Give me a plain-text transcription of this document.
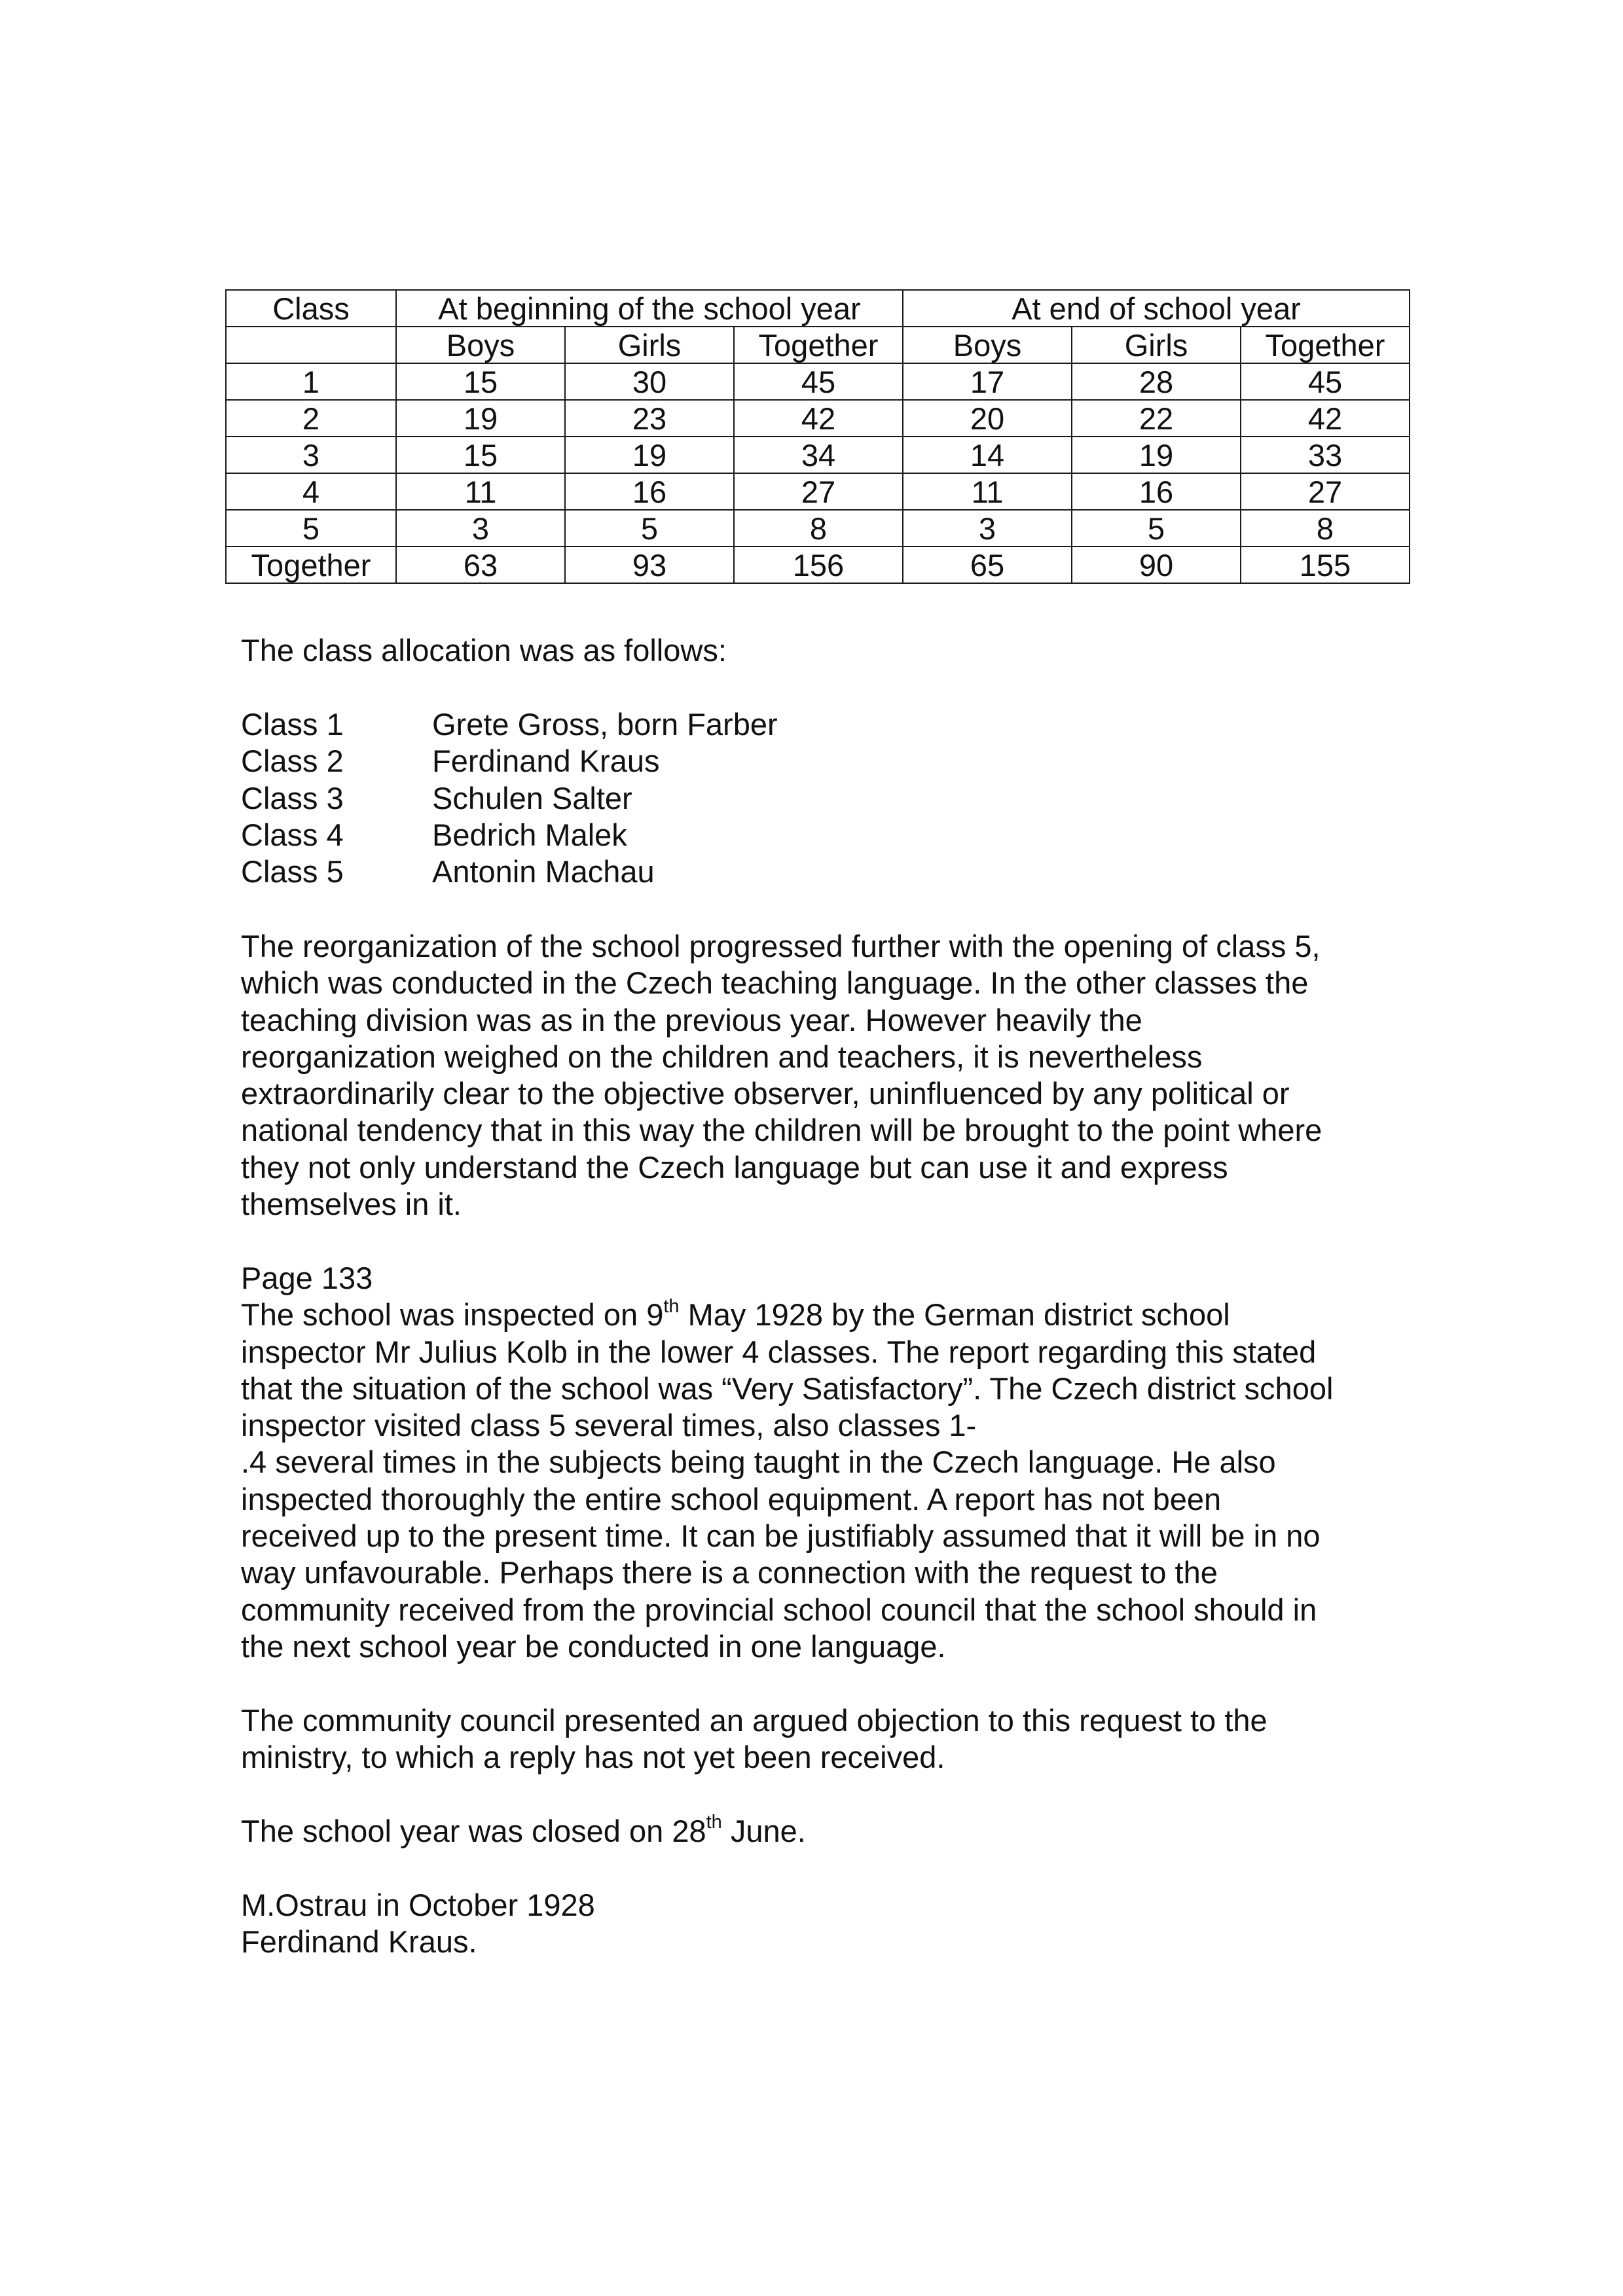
Class	At beginning of the school year			At end of school year		
	Boys	Girls	Together	Boys	Girls	Together
1	15	30	45	17	28	45
2	19	23	42	20	22	42
3	15	19	34	14	19	33
4	11	16	27	11	16	27
5	3	5	8	3	5	8
Together	63	93	156	65	90	155

The class allocation was as follows:

Class 1	Grete Gross, born Farber
Class 2	Ferdinand Kraus
Class 3	Schulen Salter
Class 4	Bedrich Malek
Class 5	Antonin Machau

The reorganization of the school progressed further with the opening of class 5,

which was conducted in the Czech teaching language. In the other classes the

teaching division was as in the previous year. However heavily the

reorganization weighed on the children and teachers, it is nevertheless

extraordinarily clear to the objective observer, uninfluenced by any political or

national tendency that in this way the children will be brought to the point where

they not only understand the Czech language but can use it and express

themselves in it.

Page 133

The school was inspected on 9th May 1928 by the German district school

inspector Mr Julius Kolb in the lower 4 classes. The report regarding this stated

that the situation of the school was “Very Satisfactory”. The Czech district school

inspector visited class 5 several times, also classes 1-

.4 several times in the subjects being taught in the Czech language. He also

inspected thoroughly the entire school equipment. A report has not been

received up to the present time. It can be justifiably assumed that it will be in no

way unfavourable. Perhaps there is a connection with the request to the

community received from the provincial school council that the school should in

the next school year be conducted in one language.

The community council presented an argued objection to this request to the

ministry, to which a reply has not yet been received.

The school year was closed on 28th June.

M.Ostrau in October 1928

Ferdinand Kraus.
